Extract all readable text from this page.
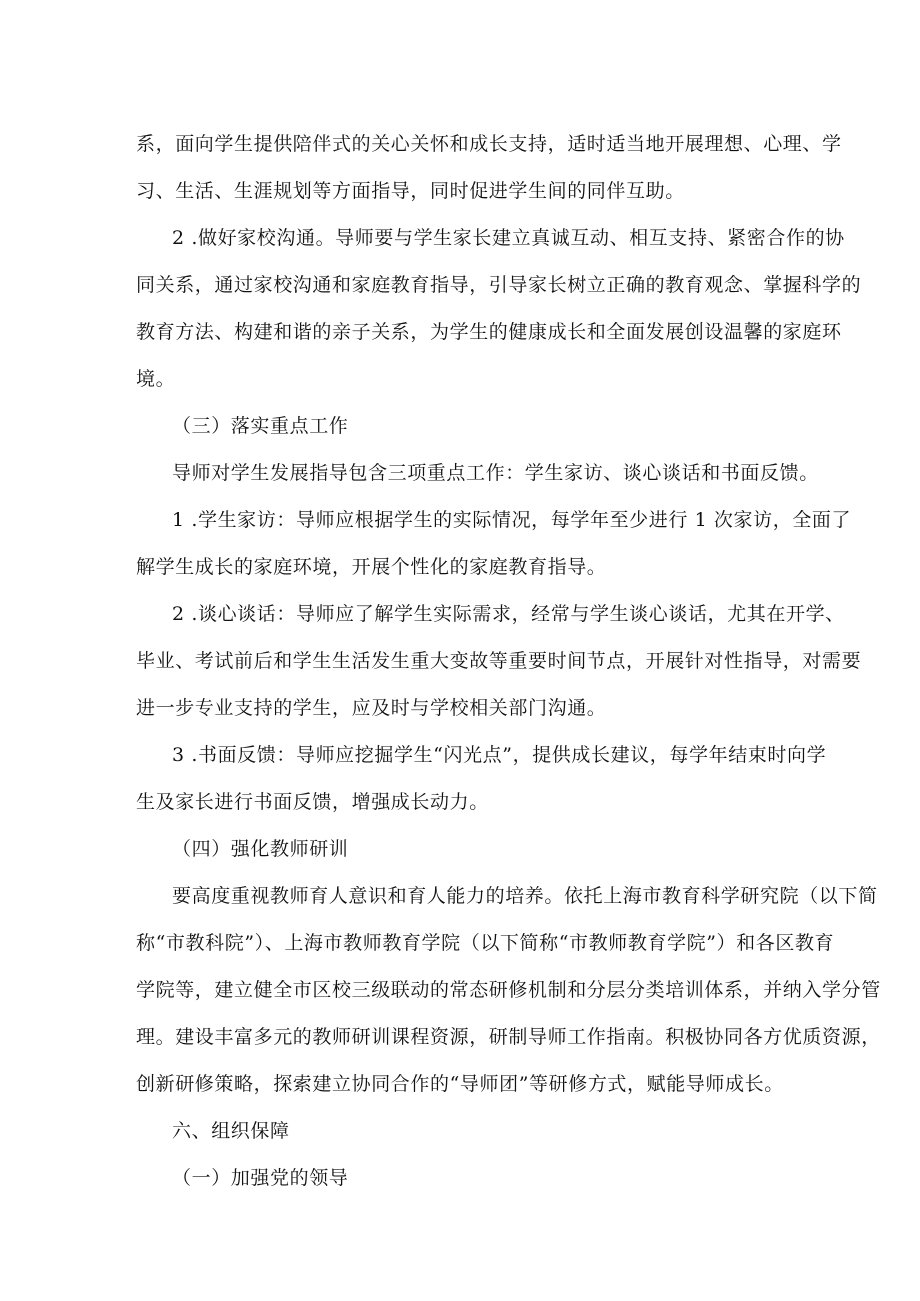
系，面向学生提供陪伴式的关心关怀和成长支持，适时适当地开展理想、心理、学
习、生活、生涯规划等方面指导，同时促进学生间的同伴互助。
2 .做好家校沟通。导师要与学生家长建立真诚互动、相互支持、紧密合作的协
同关系，通过家校沟通和家庭教育指导，引导家长树立正确的教育观念、掌握科学的
教育方法、构建和谐的亲子关系，为学生的健康成长和全面发展创设温馨的家庭环
境。
（三）落实重点工作
导师对学生发展指导包含三项重点工作：学生家访、谈心谈话和书面反馈。
1 .学生家访：导师应根据学生的实际情况，每学年至少进行 1 次家访，全面了
解学生成长的家庭环境，开展个性化的家庭教育指导。
2 .谈心谈话：导师应了解学生实际需求，经常与学生谈心谈话，尤其在开学、
毕业、考试前后和学生生活发生重大变故等重要时间节点，开展针对性指导，对需要
进一步专业支持的学生，应及时与学校相关部门沟通。
3 .书面反馈：导师应挖掘学生“闪光点”，提供成长建议，每学年结束时向学
生及家长进行书面反馈，增强成长动力。
（四）强化教师研训
要高度重视教师育人意识和育人能力的培养。依托上海市教育科学研究院（以下简
称“市教科院”）、上海市教师教育学院（以下简称“市教师教育学院”）和各区教育
学院等，建立健全市区校三级联动的常态研修机制和分层分类培训体系，并纳入学分管
理。建设丰富多元的教师研训课程资源，研制导师工作指南。积极协同各方优质资源，
创新研修策略，探索建立协同合作的“导师团”等研修方式，赋能导师成长。
六、组织保障
（一）加强党的领导
